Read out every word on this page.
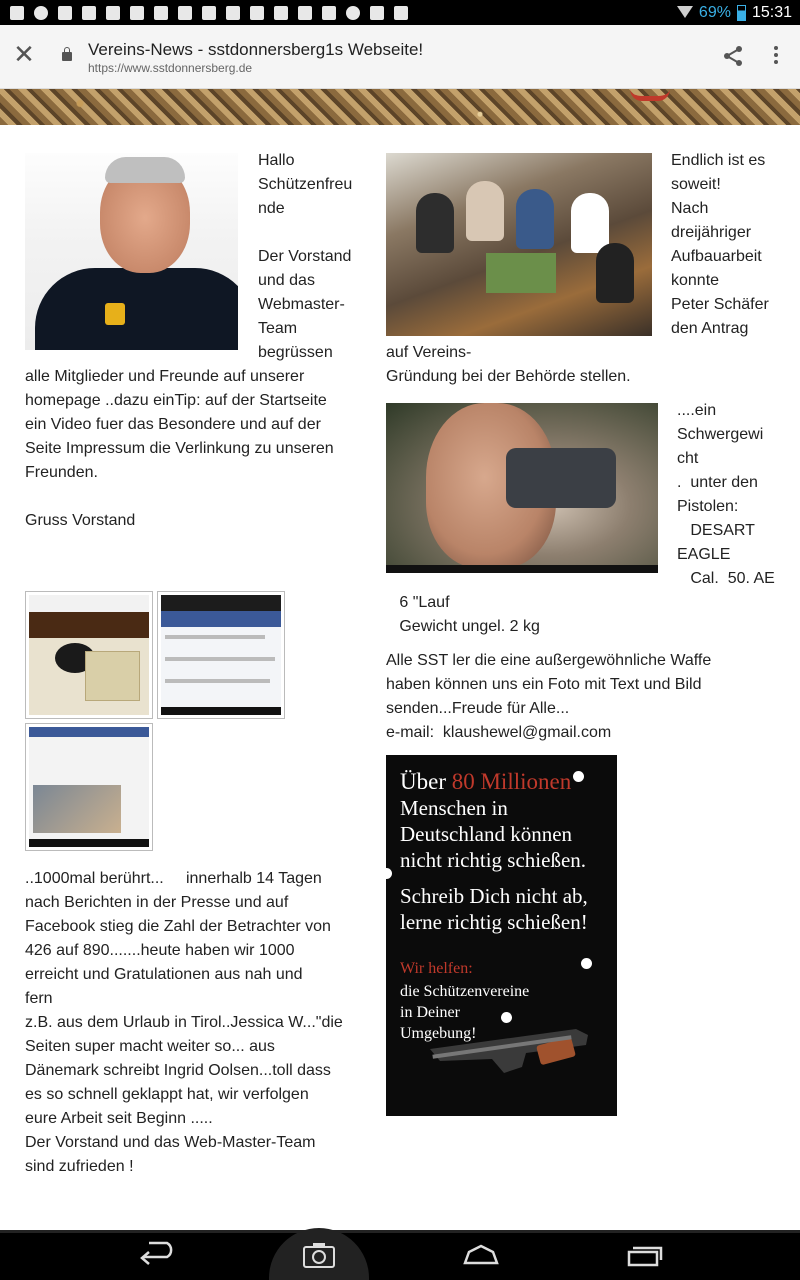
69% 15:31
✕	Vereins-News - sstdonnersberg1s Webseite!
https://www.sstdonnersberg.de
Hallo
Schützenfreu
nde

Der Vorstand
und das
Webmaster-
Team
begrüssen
alle Mitglieder und Freunde auf unserer
homepage ..dazu einTip: auf der Startseite
ein Video fuer das Besondere und auf der
Seite Impressum die Verlinkung zu unseren
Freunden.

Gruss Vorstand
..1000mal berührt...     innerhalb 14 Tagen
nach Berichten in der Presse und auf
Facebook stieg die Zahl der Betrachter von
426 auf 890.......heute haben wir 1000
erreicht und Gratulationen aus nah und
fern
z.B. aus dem Urlaub in Tirol..Jessica W..."die
Seiten super macht weiter so... aus
Dänemark schreibt Ingrid Oolsen...toll dass
es so schnell geklappt hat, wir verfolgen
eure Arbeit seit Beginn .....
Der Vorstand und das Web-Master-Team
sind zufrieden !
Endlich ist es
soweit!
Nach
dreijähriger
Aufbauarbeit
konnte
Peter Schäfer
den Antrag
auf Vereins-
Gründung bei der Behörde stellen.
....ein
Schwergewi
cht
.  unter den
Pistolen:
DESART
EAGLE
Cal.  50. AE
6 "Lauf
Gewicht ungel. 2 kg
Alle SST ler die eine außergewöhnliche Waffe
haben können uns ein Foto mit Text und Bild
senden...Freude für Alle...
e-mail:  klaushewel@gmail.com
Über 80 Millionen
Menschen in
Deutschland können
nicht richtig schießen.
Schreib Dich nicht ab,
lerne richtig schießen!
Wir helfen:
die Schützenvereine
in Deiner
Umgebung!
